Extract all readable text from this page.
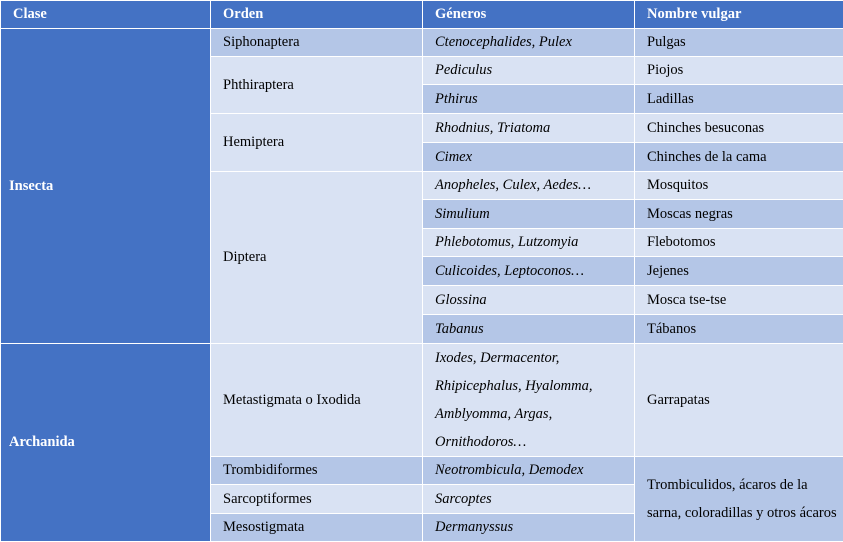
Clase	Orden	Géneros	Nombre vulgar
Insecta	Siphonaptera	Ctenocephalides, Pulex	Pulgas
	Phthiraptera	Pediculus	Piojos
		Pthirus	Ladillas
	Hemiptera	Rhodnius, Triatoma	Chinches besuconas
		Cimex	Chinches de la cama
	Diptera	Anopheles, Culex, Aedes…	Mosquitos
		Simulium	Moscas negras
		Phlebotomus, Lutzomyia	Flebotomos
		Culicoides, Leptoconos…	Jejenes
		Glossina	Mosca tse-tse
		Tabanus	Tábanos
Archanida	Metastigmata o Ixodida	Ixodes, Dermacentor, Rhipicephalus, Hyalomma, Amblyomma, Argas, Ornithodoros…	Garrapatas
	Trombidiformes	Neotrombicula, Demodex	Trombiculidos, ácaros de la sarna, coloradillas y otros ácaros
	Sarcoptiformes	Sarcoptes	
	Mesostigmata	Dermanyssus	
